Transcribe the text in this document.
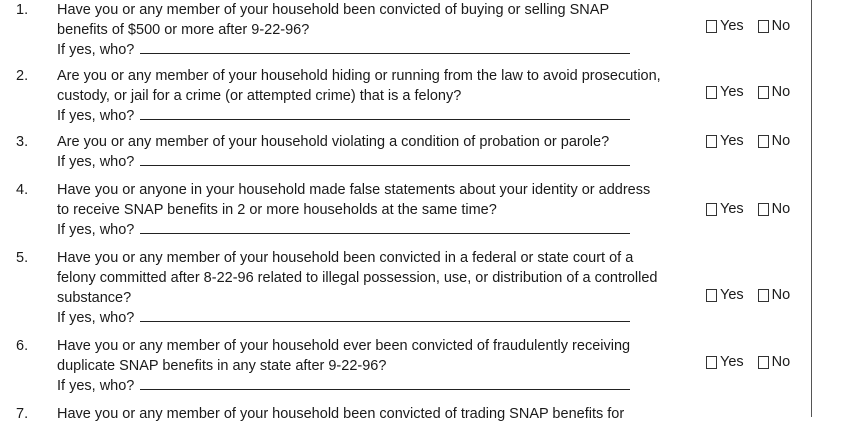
1. Have you or any member of your household been convicted of buying or selling SNAP
benefits of $500 or more after 9-22-96?
If yes, who?
Yes No
2. Are you or any member of your household hiding or running from the law to avoid prosecution,
custody, or jail for a crime (or attempted crime) that is a felony?
If yes, who?
Yes No
3. Are you or any member of your household violating a condition of probation or parole?
If yes, who?
Yes No
4. Have you or anyone in your household made false statements about your identity or address
to receive SNAP benefits in 2 or more households at the same time?
If yes, who?
Yes No
5. Have you or any member of your household been convicted in a federal or state court of a
felony committed after 8-22-96 related to illegal possession, use, or distribution of a controlled
substance?
If yes, who?
Yes No
6. Have you or any member of your household ever been convicted of fraudulently receiving
duplicate SNAP benefits in any state after 9-22-96?
If yes, who?
Yes No
7. Have you or any member of your household been convicted of trading SNAP benefits for
